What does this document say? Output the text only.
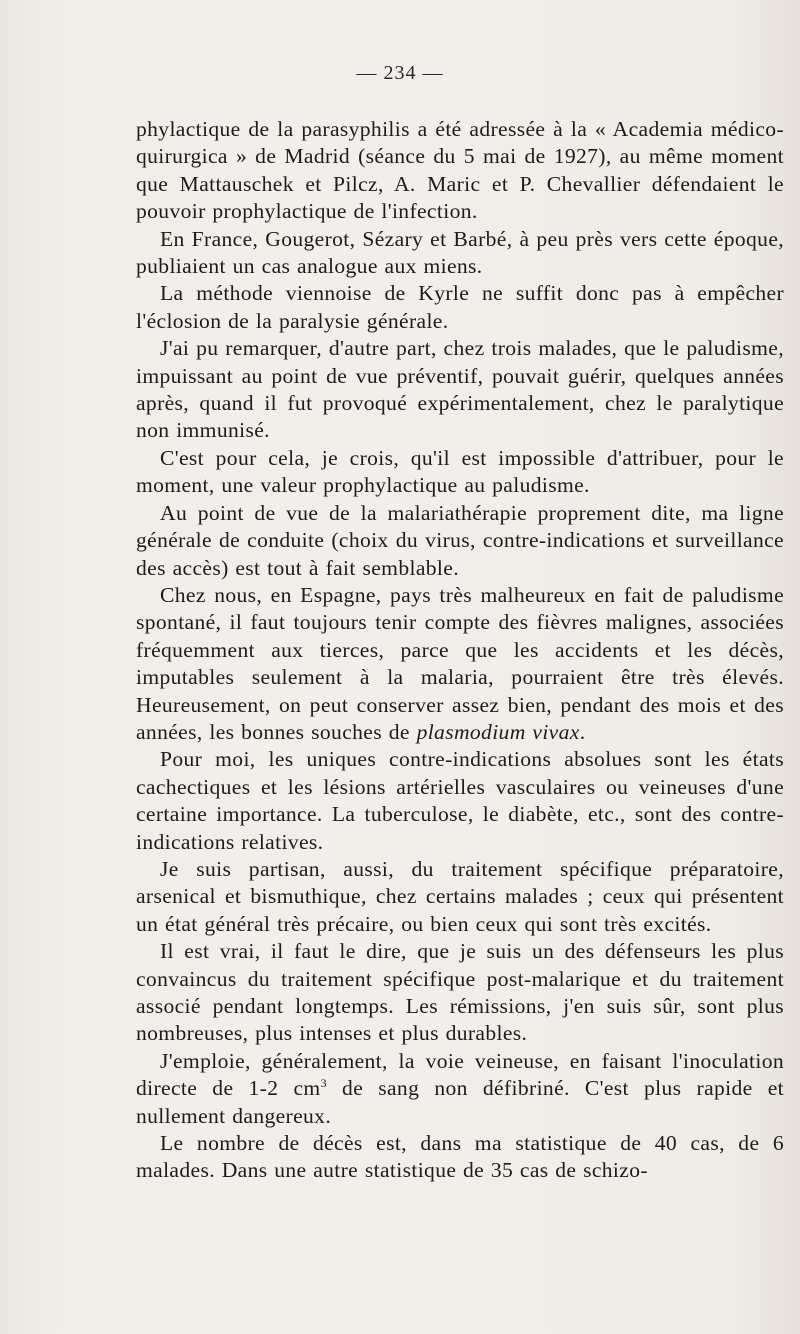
— 234 —

phylactique de la parasyphilis a été adressée à la « Academia médico-quirurgica » de Madrid (séance du 5 mai de 1927), au même moment que Mattauschek et Pilcz, A. Maric et P. Chevallier défendaient le pouvoir prophylactique de l'infection.

En France, Gougerot, Sézary et Barbé, à peu près vers cette époque, publiaient un cas analogue aux miens.

La méthode viennoise de Kyrle ne suffit donc pas à empêcher l'éclosion de la paralysie générale.

J'ai pu remarquer, d'autre part, chez trois malades, que le paludisme, impuissant au point de vue préventif, pouvait guérir, quelques années après, quand il fut provoqué expérimentalement, chez le paralytique non immunisé.

C'est pour cela, je crois, qu'il est impossible d'attribuer, pour le moment, une valeur prophylactique au paludisme.

Au point de vue de la malariathérapie proprement dite, ma ligne générale de conduite (choix du virus, contre-indications et surveillance des accès) est tout à fait semblable.

Chez nous, en Espagne, pays très malheureux en fait de paludisme spontané, il faut toujours tenir compte des fièvres malignes, associées fréquemment aux tierces, parce que les accidents et les décès, imputables seulement à la malaria, pourraient être très élevés. Heureusement, on peut conserver assez bien, pendant des mois et des années, les bonnes souches de plasmodium vivax.

Pour moi, les uniques contre-indications absolues sont les états cachectiques et les lésions artérielles vasculaires ou veineuses d'une certaine importance. La tuberculose, le diabète, etc., sont des contre-indications relatives.

Je suis partisan, aussi, du traitement spécifique préparatoire, arsenical et bismuthique, chez certains malades ; ceux qui présentent un état général très précaire, ou bien ceux qui sont très excités.

Il est vrai, il faut le dire, que je suis un des défenseurs les plus convaincus du traitement spécifique post-malarique et du traitement associé pendant longtemps. Les rémissions, j'en suis sûr, sont plus nombreuses, plus intenses et plus durables.

J'emploie, généralement, la voie veineuse, en faisant l'inoculation directe de 1-2 $cm^3$ de sang non défibriné. C'est plus rapide et nullement dangereux.

Le nombre de décès est, dans ma statistique de 40 cas, de 6 malades. Dans une autre statistique de 35 cas de schizo-
